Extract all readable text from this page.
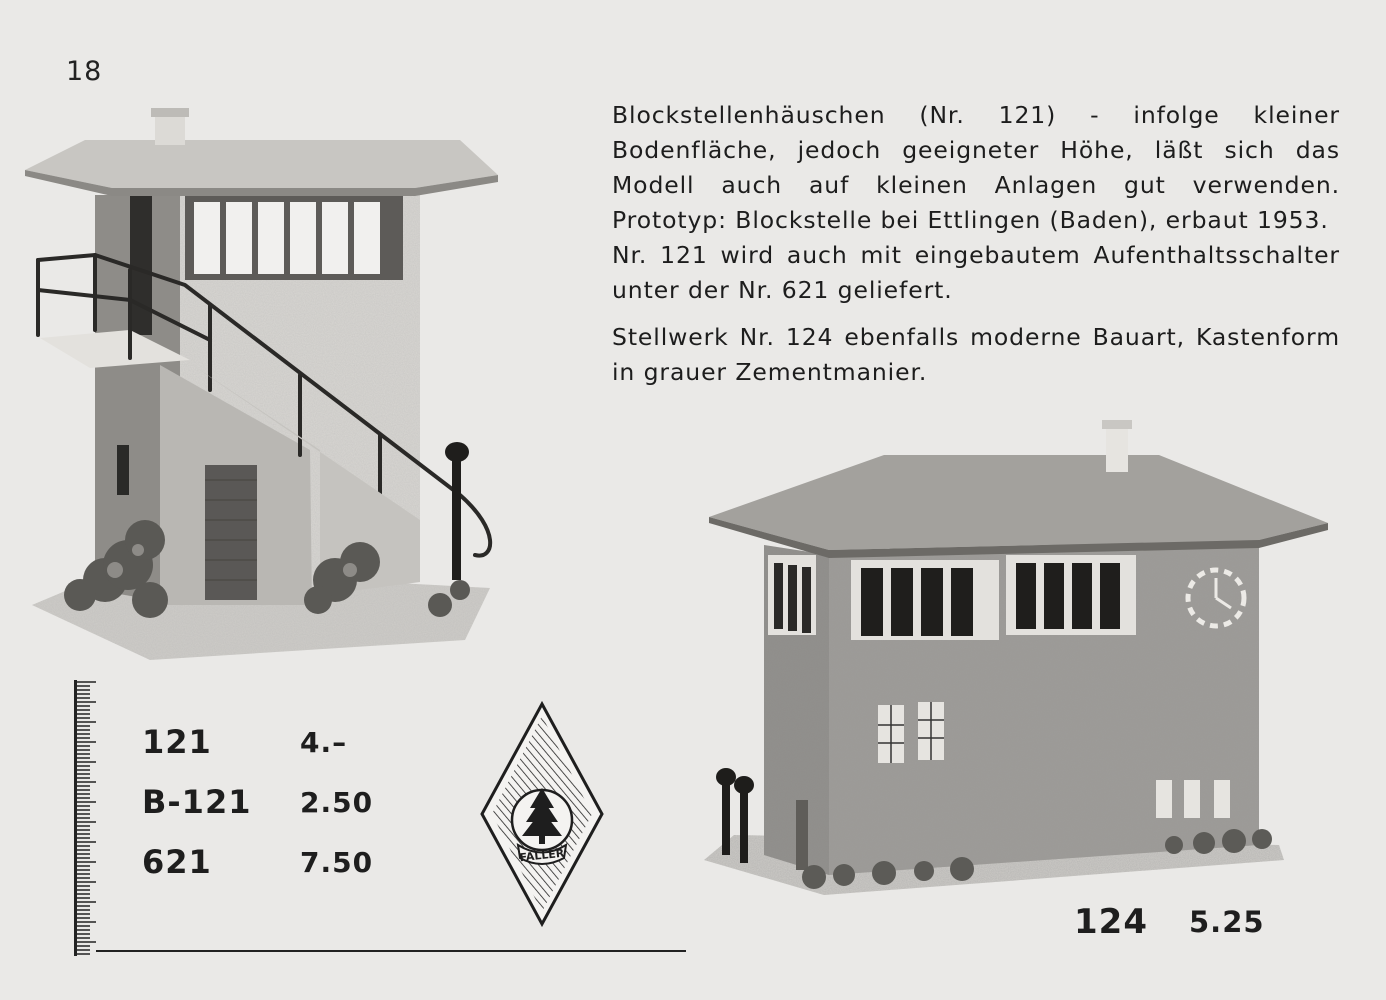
18

Blockstellenhäuschen (Nr. 121) - infolge kleiner Bodenfläche, jedoch geeigneter Höhe, läßt sich das Modell auch auf kleinen Anlagen gut verwenden. Prototyp: Blockstelle bei Ettlingen (Baden), erbaut 1953.

Nr. 121 wird auch mit eingebautem Aufenthaltsschalter unter der Nr. 621 geliefert.

Stellwerk Nr. 124 ebenfalls moderne Bauart, Kastenform in grauer Zementmanier.

121	4.–
B-121	2.50
621	7.50	FALLER
124	5.25
